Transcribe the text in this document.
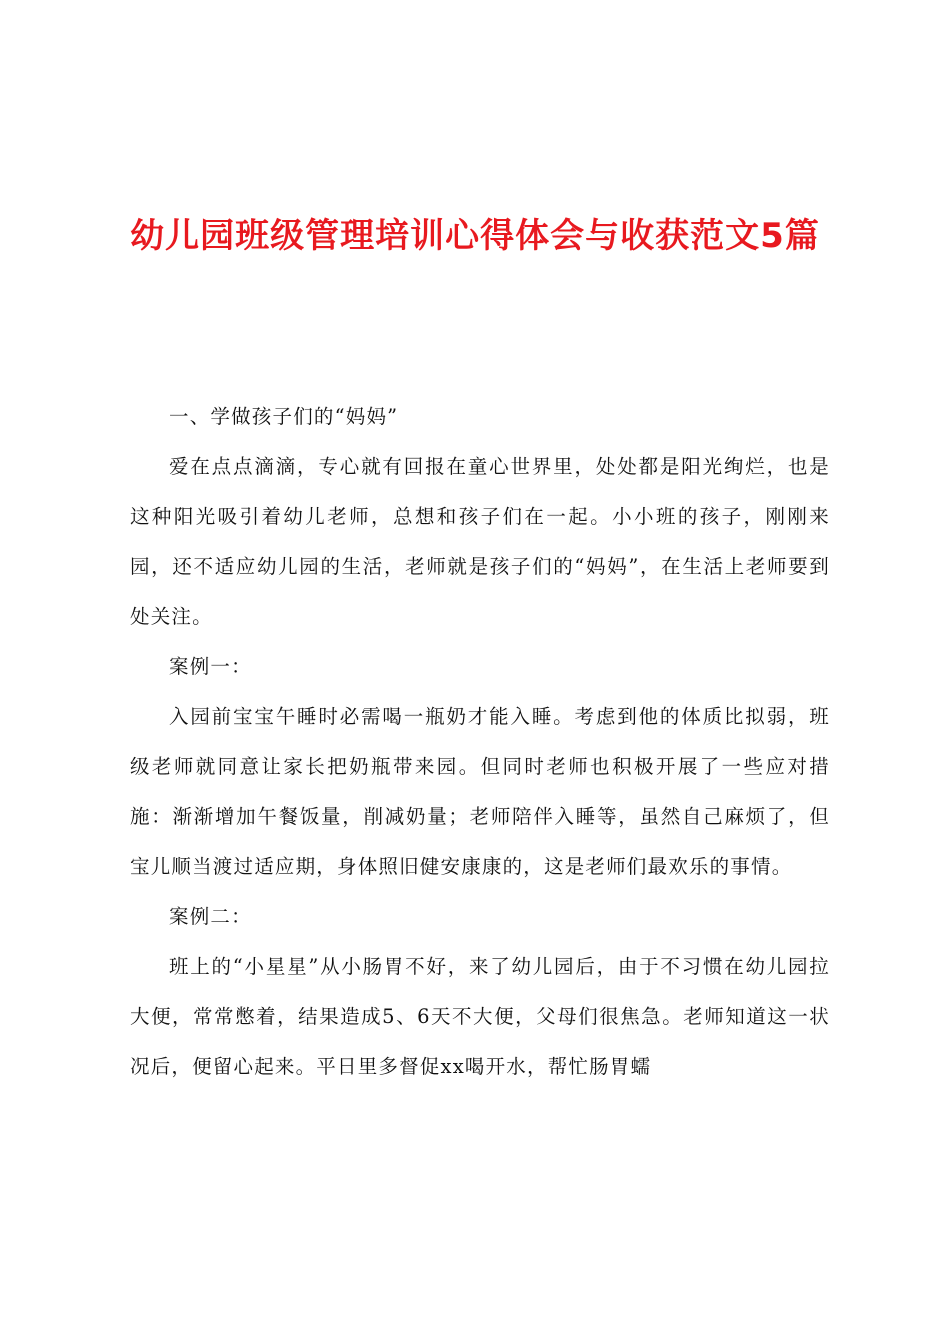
幼儿园班级管理培训心得体会与收获范文5篇

一、学做孩子们的“妈妈”

爱在点点滴滴，专心就有回报在童心世界里，处处都是阳光绚烂，也是这种阳光吸引着幼儿老师，总想和孩子们在一起。小小班的孩子，刚刚来园，还不适应幼儿园的生活，老师就是孩子们的“妈妈”，在生活上老师要到处关注。

案例一：

入园前宝宝午睡时必需喝一瓶奶才能入睡。考虑到他的体质比拟弱，班级老师就同意让家长把奶瓶带来园。但同时老师也积极开展了一些应对措施：渐渐增加午餐饭量，削减奶量；老师陪伴入睡等，虽然自己麻烦了，但宝儿顺当渡过适应期，身体照旧健安康康的，这是老师们最欢乐的事情。

案例二：

班上的“小星星”从小肠胃不好，来了幼儿园后，由于不习惯在幼儿园拉大便，常常憋着，结果造成5、6天不大便，父母们很焦急。老师知道这一状况后，便留心起来。平日里多督促xx喝开水，帮忙肠胃蠕
